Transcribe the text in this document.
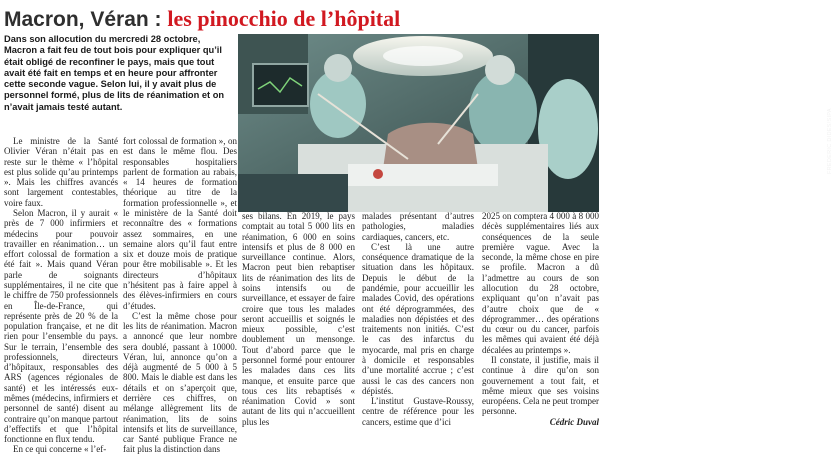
Macron, Véran : les pinocchio de l’hôpital

Dans son allocution du mercredi 28 octobre, Macron a fait feu de tout bois pour expliquer qu’il était obligé de reconfiner le pays, mais que tout avait été fait en temps et en heure pour affronter cette seconde vague. Selon lui, il y avait plus de personnel formé, plus de lits de réanimation et on n’avait jamais testé autant.

FREDERIC DIDES/SIPA

Le ministre de la Santé Olivier Véran n’était pas en reste sur le thème « l’hôpital est plus solide qu’au printemps ». Mais les chiffres avancés sont largement contestables, voire faux.

Selon Macron, il y aurait « près de 7 000 infirmiers et médecins pour pouvoir travailler en réanimation… un effort colossal de formation a été fait ». Mais quand Véran parle de soignants supplémentaires, il ne cite que le chiffre de 750 professionnels en Île-de-France, qui représente près de 20 % de la population française, et ne dit rien pour l’ensemble du pays. Sur le terrain, l’ensemble des professionnels, directeurs d’hôpitaux, responsables des ARS (agences régionales de santé) et les intéressés eux-mêmes (médecins, infirmiers et personnel de santé) disent au contraire qu’on manque partout d’effectifs et que l’hôpital fonctionne en flux tendu.

En ce qui concerne « l’ef-

fort colossal de formation », on est dans le même flou. Des responsables hospitaliers parlent de formation au rabais, « 14 heures de formation théorique au titre de la formation professionnelle », et le ministère de la Santé doit reconnaître des « formations assez sommaires, en une semaine alors qu’il faut entre six et douze mois de pratique pour être mobilisable ». Et les directeurs d’hôpitaux n’hésitent pas à faire appel à des élèves-infirmiers en cours d’études.

C’est la même chose pour les lits de réanimation. Macron a annoncé que leur nombre sera doublé, passant à 10000. Véran, lui, annonce qu’on a déjà augmenté de 5 000 à 5 800. Mais le diable est dans les détails et on s’aperçoit que, derrière ces chiffres, on mélange allègrement lits de réanimation, lits de soins intensifs et lits de surveillance, car Santé publique France ne fait plus la distinction dans

ses bilans. En 2019, le pays comptait au total 5 000 lits en réanimation, 6 000 en soins intensifs et plus de 8 000 en surveillance continue. Alors, Macron peut bien rebaptiser lits de réanimation des lits de soins intensifs ou de surveillance, et essayer de faire croire que tous les malades seront accueillis et soignés le mieux possible, c’est doublement un mensonge. Tout d’abord parce que le personnel formé pour entourer les malades dans ces lits manque, et ensuite parce que tous ces lits rebaptisés « réanimation Covid » sont autant de lits qui n’accueillent plus les

malades présentant d’autres pathologies, maladies cardiaques, cancers, etc.

C’est là une autre conséquence dramatique de la situation dans les hôpitaux. Depuis le début de la pandémie, pour accueillir les malades Covid, des opérations ont été déprogrammées, des maladies non dépistées et des traitements non initiés. C’est le cas des infarctus du myocarde, mal pris en charge à domicile et responsables d’une mortalité accrue ; c’est aussi le cas des cancers non dépistés.

L’institut Gustave-Roussy, centre de référence pour les cancers, estime que d’ici

2025 on comptera 4 000 à 8 000 décès supplémentaires liés aux conséquences de la seule première vague. Avec la seconde, la même chose en pire se profile. Macron a dû l’admettre au cours de son allocution du 28 octobre, expliquant qu’on n’avait pas d’autre choix que de « déprogrammer… des opérations du cœur ou du cancer, parfois les mêmes qui avaient été déjà décalées au printemps ».

Il constate, il justifie, mais il continue à dire qu’on son gouvernement a tout fait, et même mieux que ses voisins européens. Cela ne peut tromper personne.

Cédric Duval
